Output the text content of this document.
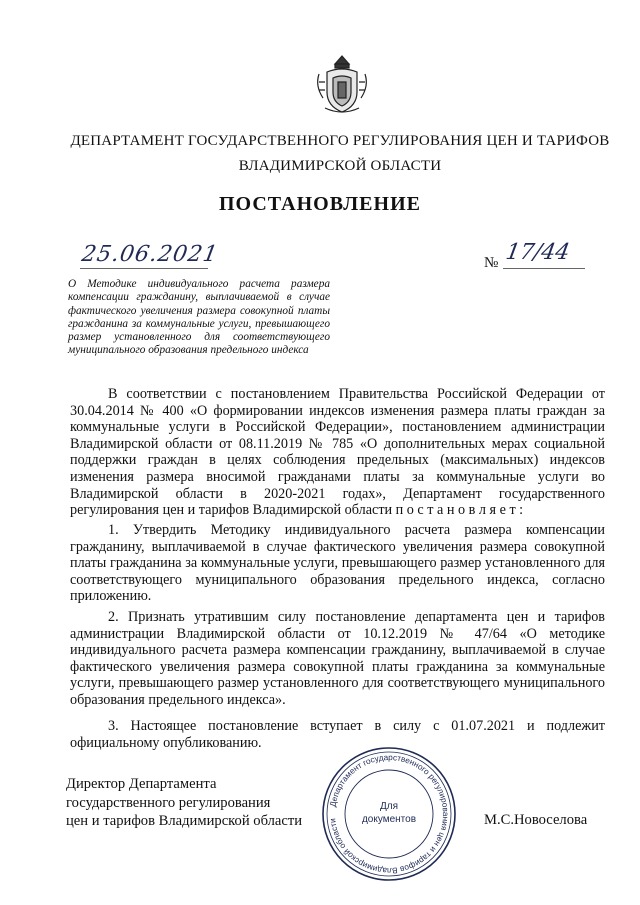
ДЕПАРТАМЕНТ ГОСУДАРСТВЕННОГО РЕГУЛИРОВАНИЯ ЦЕН И ТАРИФОВ
ВЛАДИМИРСКОЙ ОБЛАСТИ
ПОСТАНОВЛЕНИЕ
25.06.2021	№ 17/44
О Методике индивидуального расчета размера компенсации гражданину, выплачиваемой в случае фактического увеличения размера совокупной платы гражданина за коммунальные услуги, превышающего размер установленного для соответствующего муниципального образования предельного индекса
В соответствии с постановлением Правительства Российской Федерации от 30.04.2014 № 400 «О формировании индексов изменения размера платы граждан за коммунальные услуги в Российской Федерации», постановлением администрации Владимирской области от 08.11.2019 № 785 «О дополнительных мерах социальной поддержки граждан в целях соблюдения предельных (максимальных) индексов изменения размера вносимой гражданами платы за коммунальные услуги во Владимирской области в 2020-2021 годах», Департамент государственного регулирования цен и тарифов Владимирской области п о с т а н о в л я е т :
1. Утвердить Методику индивидуального расчета размера компенсации гражданину, выплачиваемой в случае фактического увеличения размера совокупной платы гражданина за коммунальные услуги, превышающего размер установленного для соответствующего муниципального образования предельного индекса, согласно приложению.
2. Признать утратившим силу постановление департамента цен и тарифов администрации Владимирской области от 10.12.2019 № 47/64 «О методике индивидуального расчета размера компенсации гражданину, выплачиваемой в случае фактического увеличения размера совокупной платы гражданина за коммунальные услуги, превышающего размер установленного для соответствующего муниципального образования предельного индекса».
3. Настоящее постановление вступает в силу с 01.07.2021 и подлежит официальному опубликованию.
Директор Департамента
государственного регулирования
цен и тарифов Владимирской области
Департамент государственного регулирования цен и тарифов Владимирской области
Для
документов	М.С.Новоселова
